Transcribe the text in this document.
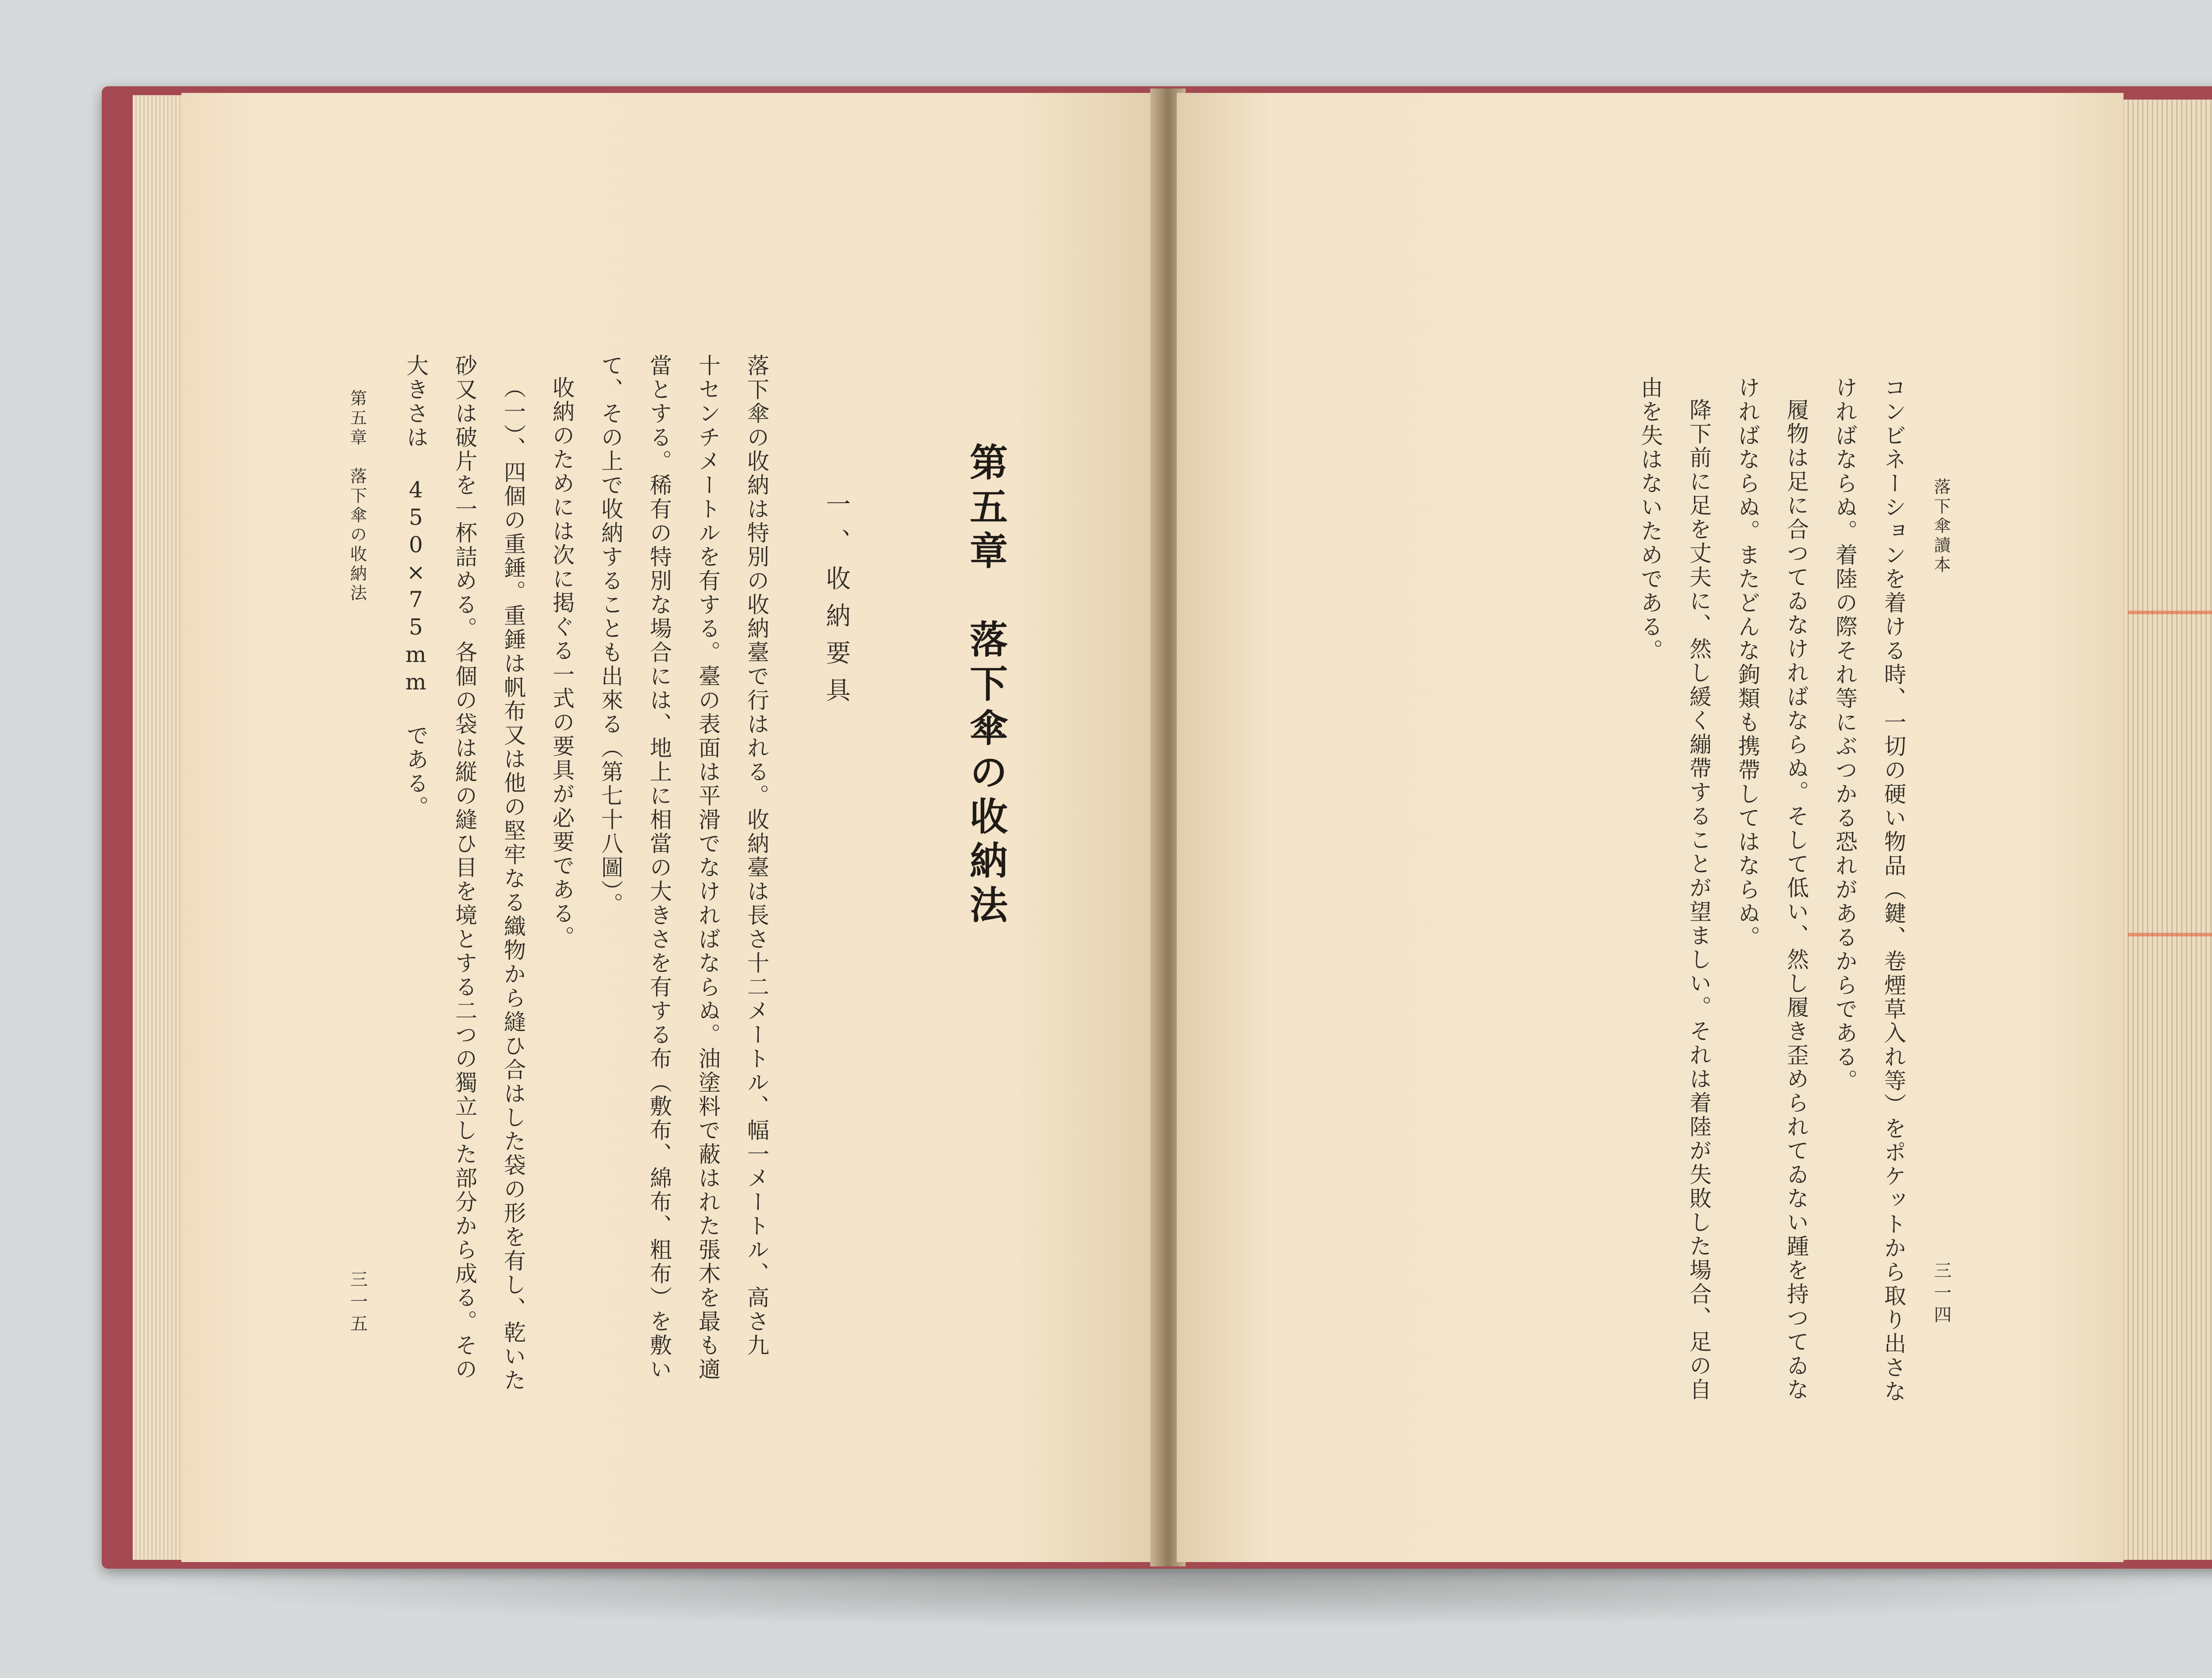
第五章　落下傘の收納法
一、收納要具
落下傘の收納は特別の收納臺で行はれる。收納臺は長さ十二メートル、幅一メートル、高さ九
十センチメートルを有する。臺の表面は平滑でなければならぬ。油塗料で蔽はれた張木を最も適
當とする。稀有の特別な場合には、地上に相當の大きさを有する布（敷布、綿布、粗布）を敷い
て、その上で收納することも出來る（第七十八圖）。
收納のためには次に掲ぐる一式の要具が必要である。
（一）、四個の重錘。重錘は帆布又は他の堅牢なる織物から縫ひ合はした袋の形を有し、乾いた
砂又は破片を一杯詰める。各個の袋は縦の縫ひ目を境とする二つの獨立した部分から成る。その
大きさは 450×75mm である。
第五章　落下傘の收納法
三一五
落下傘讀本
コンビネーションを着ける時、一切の硬い物品（鍵、卷煙草入れ等）をポケットから取り出さな
ければならぬ。着陸の際それ等にぶつかる恐れがあるからである。
履物は足に合つてゐなければならぬ。そして低い、然し履き歪められてゐない踵を持つてゐな
ければならぬ。またどんな鉤類も携帶してはならぬ。
降下前に足を丈夫に、然し緩く繃帶することが望ましい。それは着陸が失敗した場合、足の自
由を失はないためである。
三一四
